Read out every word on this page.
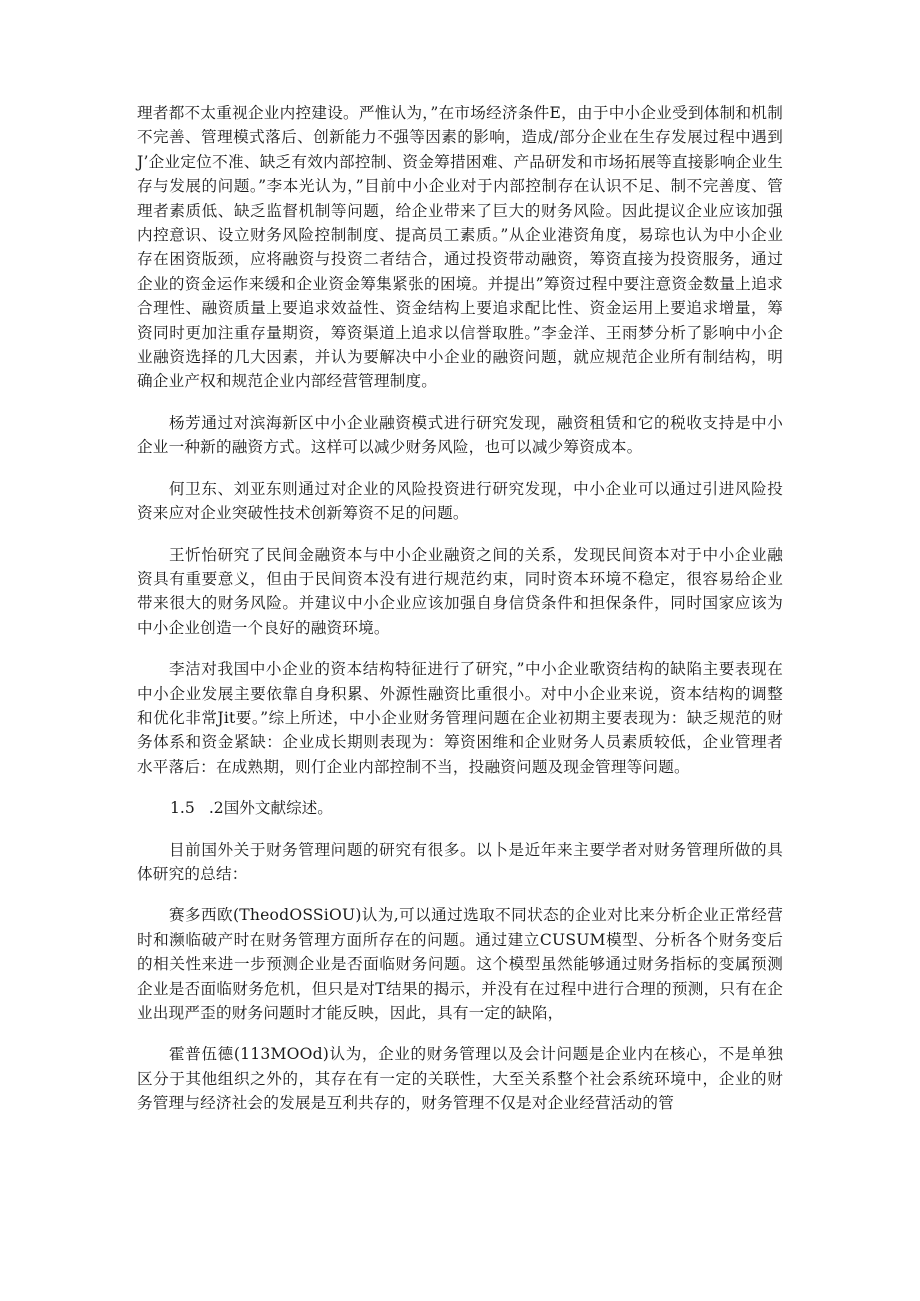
理者都不太重视企业内控建设。严惟认为，”在市场经济条件E，由于中小企业受到体制和机制不完善、管理模式落后、创新能力不强等因素的影响，造成/部分企业在生存发展过程中遇到J’企业定位不准、缺乏有效内部控制、资金筹措困难、产品研发和市场拓展等直接影响企业生存与发展的问题。”李本光认为，”目前中小企业对于内部控制存在认识不足、制不完善度、管理者素质低、缺乏监督机制等问题，给企业带来了巨大的财务风险。因此提议企业应该加强内控意识、设立财务风险控制制度、提高员工素质。”从企业港资角度，易琮也认为中小企业存在困资版颈，应将融资与投资二者结合，通过投资带动融资，筹资直接为投资服务，通过企业的资金运作来缓和企业资金筹集紧张的困境。并提出”筹资过程中要注意资金数量上追求合理性、融资质量上要追求效益性、资金结构上要追求配比性、资金运用上要追求增量，筹资同时更加注重存量期资，筹资渠道上追求以信誉取胜。”李金洋、王雨梦分析了影响中小企业融资选择的几大因素，并认为要解决中小企业的融资问题，就应规范企业所有制结构，明确企业产权和规范企业内部经营管理制度。

杨芳通过对滨海新区中小企业融资模式进行研究发现，融资租赁和它的税收支持是中小企业一种新的融资方式。这样可以减少财务风险，也可以减少筹资成本。

何卫东、刘亚东则通过对企业的风险投资进行研究发现，中小企业可以通过引进风险投资来应对企业突破性技术创新筹资不足的问题。

王忻怡研究了民间金融资本与中小企业融资之间的关系，发现民间资本对于中小企业融资具有重要意义，但由于民间资本没有进行规范约束，同时资本环境不稳定，很容易给企业带来很大的财务风险。并建议中小企业应该加强自身信贷条件和担保条件，同时国家应该为中小企业创造一个良好的融资环境。

李洁对我国中小企业的资本结构特征进行了研究，”中小企业歌资结构的缺陷主要表现在中小企业发展主要依靠自身积累、外源性融资比重很小。对中小企业来说，资本结构的调整和优化非常Jit要。”综上所述，中小企业财务管理问题在企业初期主要表现为：缺乏规范的财务体系和资金紧缺：企业成长期则表现为：筹资困维和企业财务人员素质较低，企业管理者水平落后：在成熟期，则仃企业内部控制不当，投融资问题及现金管理等问题。

1.5 .2国外文献综述。

目前国外关于财务管理问题的研究有很多。以卜是近年来主要学者对财务管理所做的具体研究的总结：

赛多西欧(TheodOSSiOU)认为,可以通过选取不同状态的企业对比来分析企业正常经营时和濒临破产时在财务管理方面所存在的问题。通过建立CUSUM模型、分析各个财务变后的相关性来进一步预测企业是否面临财务问题。这个模型虽然能够通过财务指标的变属预测企业是否面临财务危机，但只是对T结果的揭示，并没有在过程中进行合理的预测，只有在企业出现严歪的财务问题时才能反映，因此，具有一定的缺陷，

霍普伍德(113MOOd)认为，企业的财务管理以及会计问题是企业内在核心，不是单独区分于其他组织之外的，其存在有一定的关联性，大至关系整个社会系统环境中，企业的财务管理与经济社会的发展是互利共存的，财务管理不仅是对企业经营活动的管
